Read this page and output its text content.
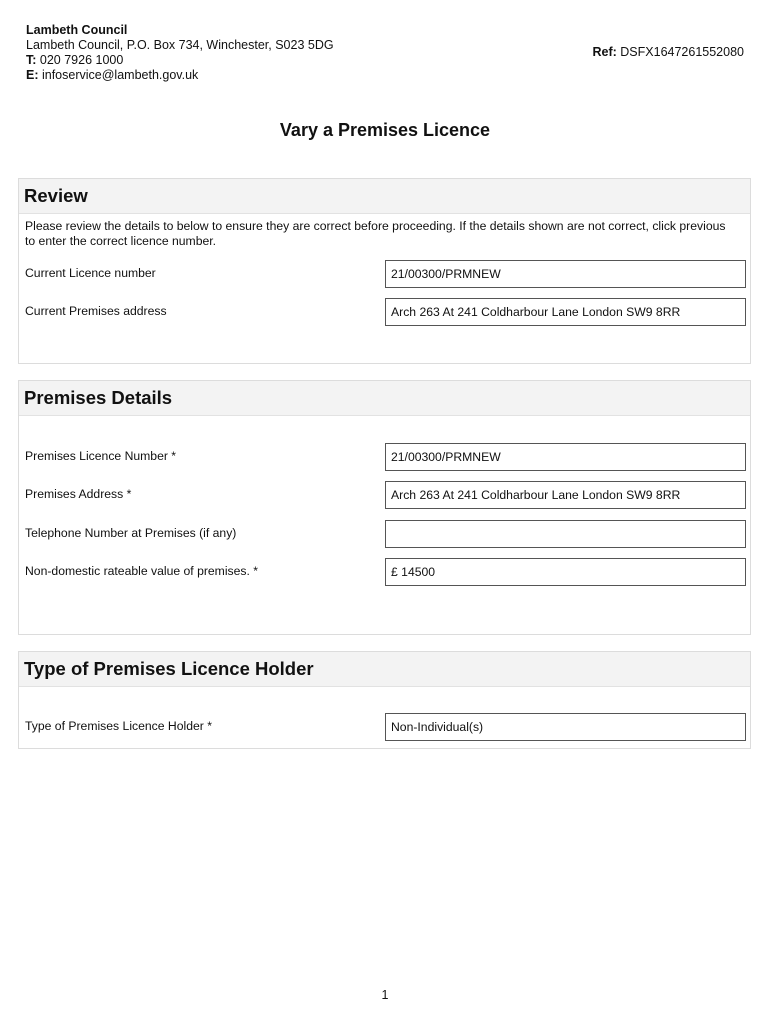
Lambeth Council
Lambeth Council, P.O. Box 734, Winchester, S023 5DG
T: 020 7926 1000
E: infoservice@lambeth.gov.uk
Ref: DSFX1647261552080
Vary a Premises Licence
Review
Please review the details to below to ensure they are correct before proceeding. If the details shown are not correct, click previous to enter the correct licence number.
Current Licence number	21/00300/PRMNEW
Current Premises address	Arch 263 At 241 Coldharbour Lane London SW9 8RR
Premises Details
Premises Licence Number *	21/00300/PRMNEW
Premises Address *	Arch 263 At 241 Coldharbour Lane London SW9 8RR
Telephone Number at Premises (if any)
Non-domestic rateable value of premises. *	£ 14500
Type of Premises Licence Holder
Type of Premises Licence Holder *	Non-Individual(s)
1
